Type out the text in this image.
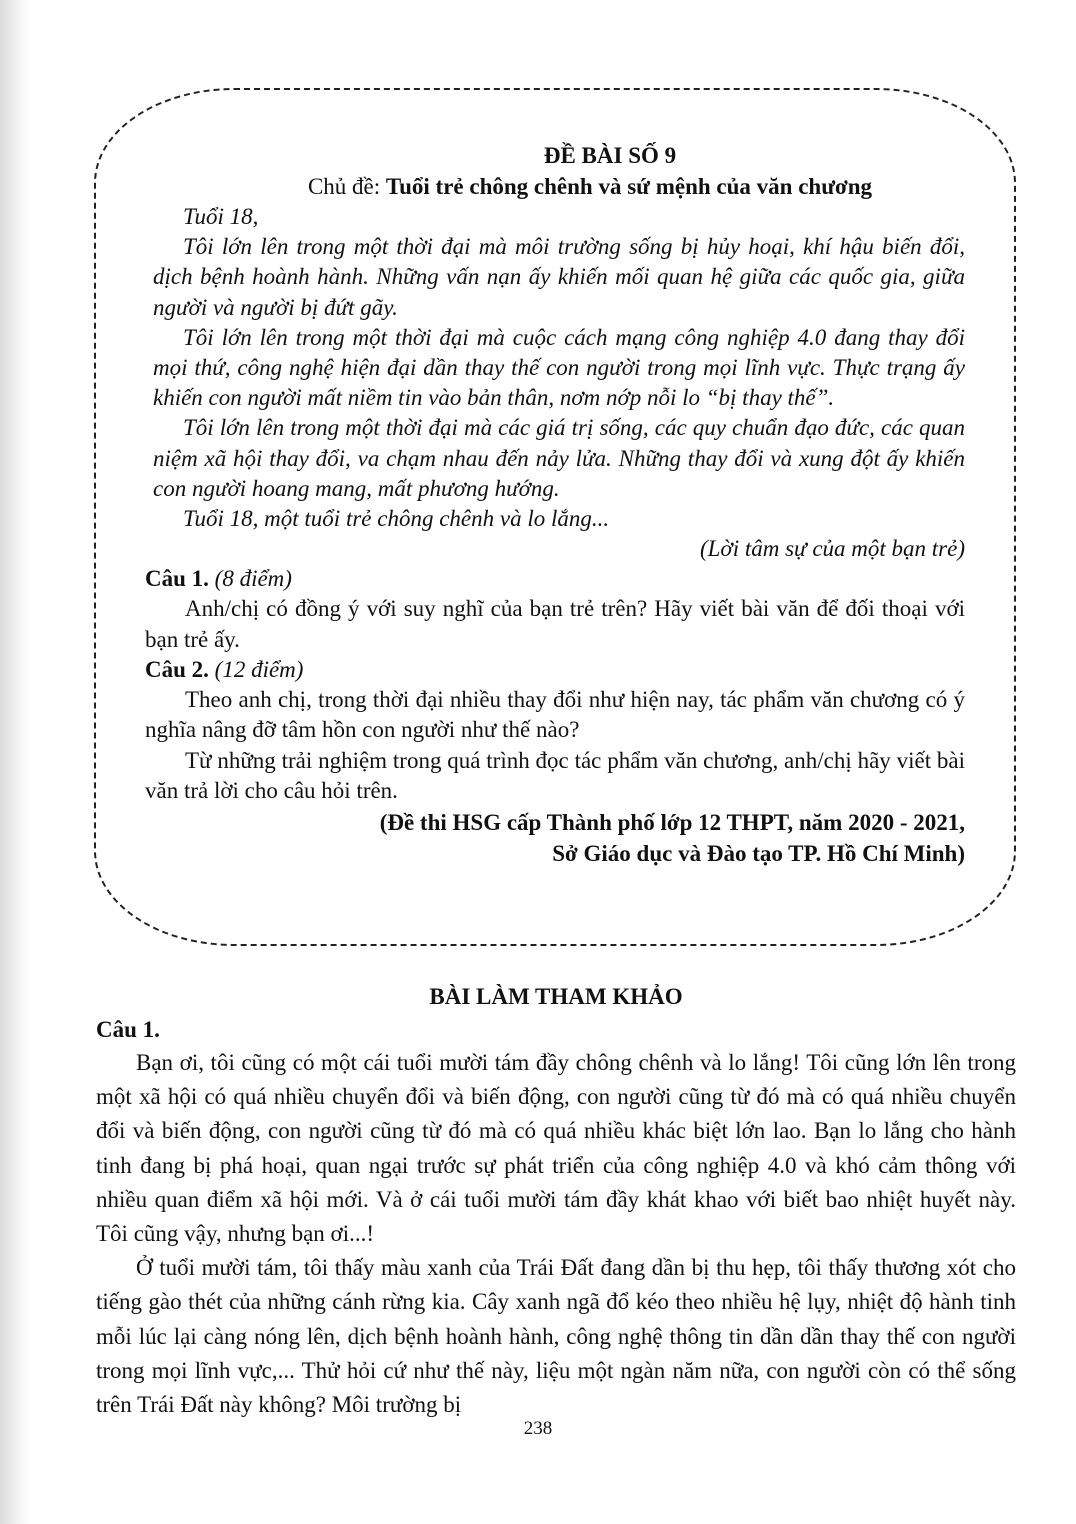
ĐỀ BÀI SỐ 9

Chủ đề: Tuổi trẻ chông chênh và sứ mệnh của văn chương

Tuổi 18,

Tôi lớn lên trong một thời đại mà môi trường sống bị hủy hoại, khí hậu biến đổi, dịch bệnh hoành hành. Những vấn nạn ấy khiến mối quan hệ giữa các quốc gia, giữa người và người bị đứt gãy.

Tôi lớn lên trong một thời đại mà cuộc cách mạng công nghiệp 4.0 đang thay đổi mọi thứ, công nghệ hiện đại dần thay thế con người trong mọi lĩnh vực. Thực trạng ấy khiến con người mất niềm tin vào bản thân, nơm nớp nỗi lo “bị thay thế”.

Tôi lớn lên trong một thời đại mà các giá trị sống, các quy chuẩn đạo đức, các quan niệm xã hội thay đổi, va chạm nhau đến nảy lửa. Những thay đổi và xung đột ấy khiến con người hoang mang, mất phương hướng.

Tuổi 18, một tuổi trẻ chông chênh và lo lắng...

(Lời tâm sự của một bạn trẻ)

Câu 1. (8 điểm)

Anh/chị có đồng ý với suy nghĩ của bạn trẻ trên? Hãy viết bài văn để đối thoại với bạn trẻ ấy.

Câu 2. (12 điểm)

Theo anh chị, trong thời đại nhiều thay đổi như hiện nay, tác phẩm văn chương có ý nghĩa nâng đỡ tâm hồn con người như thế nào?

Từ những trải nghiệm trong quá trình đọc tác phẩm văn chương, anh/chị hãy viết bài văn trả lời cho câu hỏi trên.

(Đề thi HSG cấp Thành phố lớp 12 THPT, năm 2020 - 2021,

Sở Giáo dục và Đào tạo TP. Hồ Chí Minh)

BÀI LÀM THAM KHẢO

Câu 1.

Bạn ơi, tôi cũng có một cái tuổi mười tám đầy chông chênh và lo lắng! Tôi cũng lớn lên trong một xã hội có quá nhiều chuyển đổi và biến động, con người cũng từ đó mà có quá nhiều chuyển đổi và biến động, con người cũng từ đó mà có quá nhiều khác biệt lớn lao. Bạn lo lắng cho hành tinh đang bị phá hoại, quan ngại trước sự phát triển của công nghiệp 4.0 và khó cảm thông với nhiều quan điểm xã hội mới. Và ở cái tuổi mười tám đầy khát khao với biết bao nhiệt huyết này. Tôi cũng vậy, nhưng bạn ơi...!

Ở tuổi mười tám, tôi thấy màu xanh của Trái Đất đang dần bị thu hẹp, tôi thấy thương xót cho tiếng gào thét của những cánh rừng kia. Cây xanh ngã đổ kéo theo nhiều hệ lụy, nhiệt độ hành tinh mỗi lúc lại càng nóng lên, dịch bệnh hoành hành, công nghệ thông tin dần dần thay thế con người trong mọi lĩnh vực,... Thử hỏi cứ như thế này, liệu một ngàn năm nữa, con người còn có thể sống trên Trái Đất này không? Môi trường bị

238
